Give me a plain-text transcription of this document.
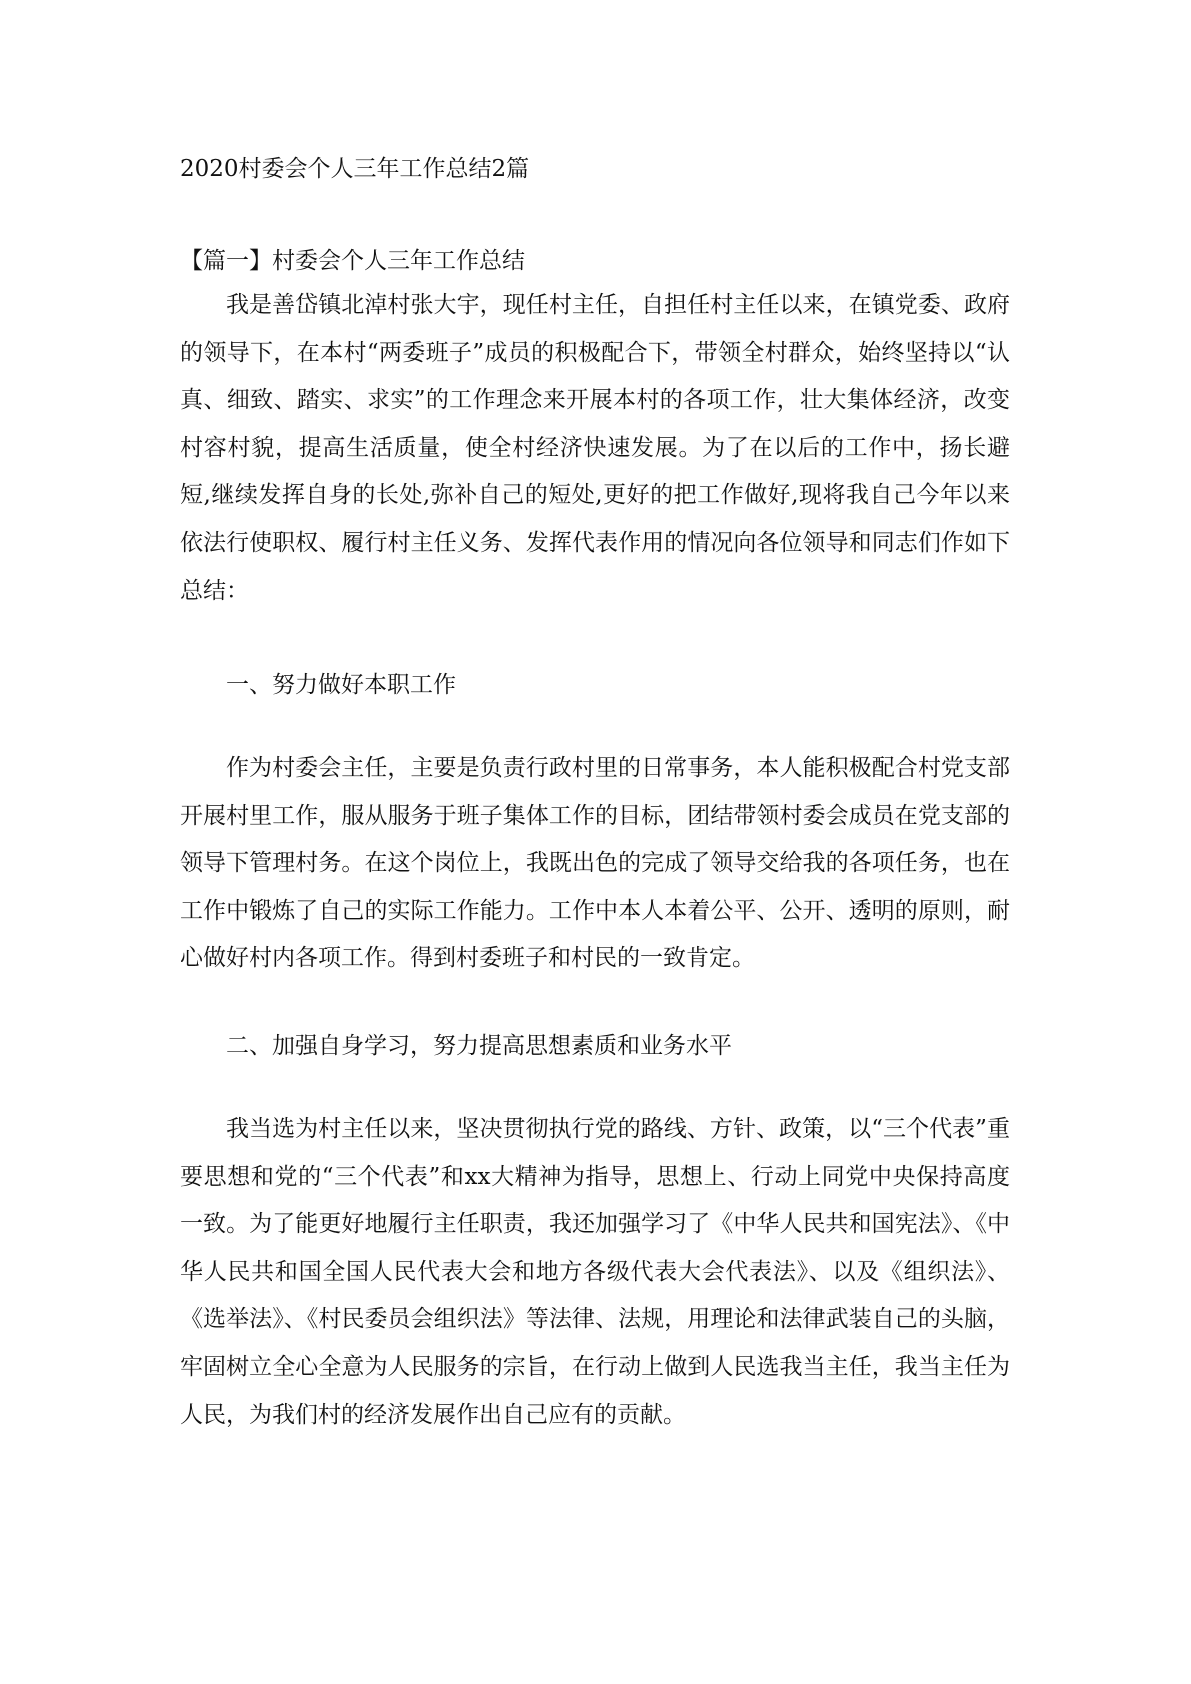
2020村委会个人三年工作总结2篇
【篇一】村委会个人三年工作总结

我是善岱镇北淖村张大宇，现任村主任，自担任村主任以来，在镇党委、政府的领导下，在本村“两委班子”成员的积极配合下，带领全村群众，始终坚持以“认真、细致、踏实、求实”的工作理念来开展本村的各项工作，壮大集体经济，改变村容村貌，提高生活质量，使全村经济快速发展。为了在以后的工作中，扬长避短,继续发挥自身的长处,弥补自己的短处,更好的把工作做好,现将我自己今年以来依法行使职权、履行村主任义务、发挥代表作用的情况向各位领导和同志们作如下总结：

一、努力做好本职工作

作为村委会主任，主要是负责行政村里的日常事务，本人能积极配合村党支部开展村里工作，服从服务于班子集体工作的目标，团结带领村委会成员在党支部的领导下管理村务。在这个岗位上，我既出色的完成了领导交给我的各项任务，也在工作中锻炼了自己的实际工作能力。工作中本人本着公平、公开、透明的原则，耐心做好村内各项工作。得到村委班子和村民的一致肯定。

二、加强自身学习，努力提高思想素质和业务水平

我当选为村主任以来，坚决贯彻执行党的路线、方针、政策，以“三个代表”重要思想和党的“三个代表”和xx大精神为指导，思想上、行动上同党中央保持高度一致。为了能更好地履行主任职责，我还加强学习了《中华人民共和国宪法》、《中华人民共和国全国人民代表大会和地方各级代表大会代表法》、以及《组织法》、《选举法》、《村民委员会组织法》等法律、法规，用理论和法律武装自己的头脑，牢固树立全心全意为人民服务的宗旨，在行动上做到人民选我当主任，我当主任为人民，为我们村的经济发展作出自己应有的贡献。
